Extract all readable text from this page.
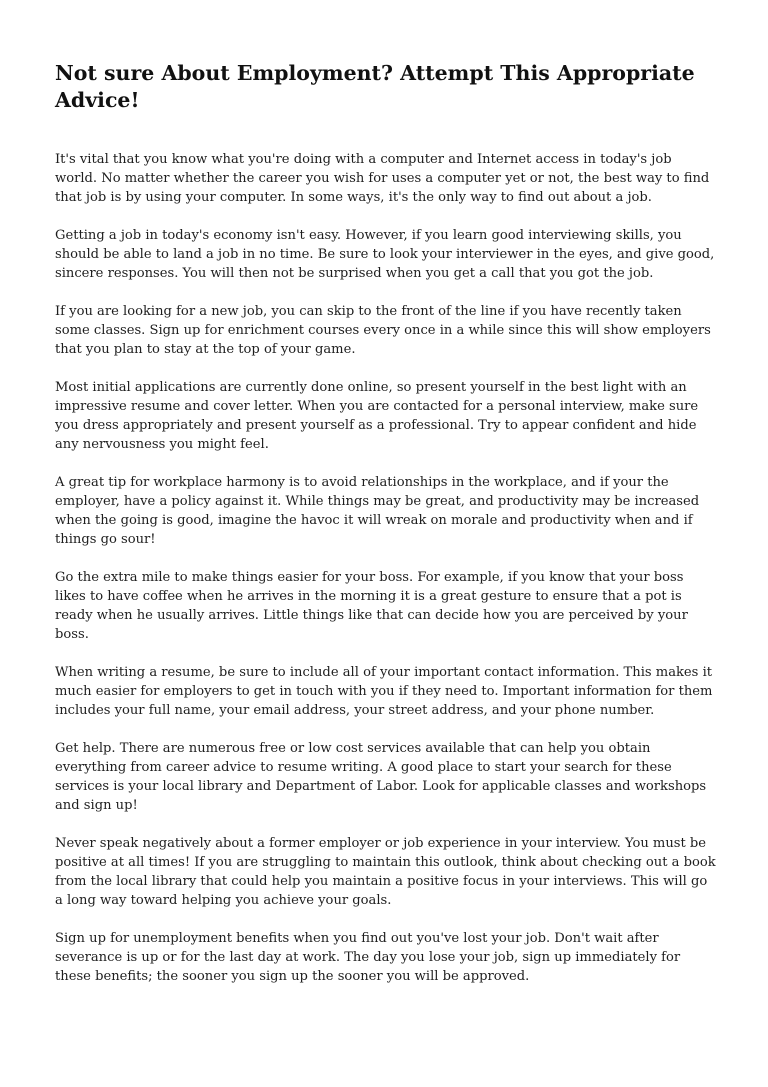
Not sure About Employment? Attempt This Appropriate Advice!

It's vital that you know what you're doing with a computer and Internet access in today's job world. No matter whether the career you wish for uses a computer yet or not, the best way to find that job is by using your computer. In some ways, it's the only way to find out about a job.

Getting a job in today's economy isn't easy. However, if you learn good interviewing skills, you should be able to land a job in no time. Be sure to look your interviewer in the eyes, and give good, sincere responses. You will then not be surprised when you get a call that you got the job.

If you are looking for a new job, you can skip to the front of the line if you have recently taken some classes. Sign up for enrichment courses every once in a while since this will show employers that you plan to stay at the top of your game.

Most initial applications are currently done online, so present yourself in the best light with an impressive resume and cover letter. When you are contacted for a personal interview, make sure you dress appropriately and present yourself as a professional. Try to appear confident and hide any nervousness you might feel.

A great tip for workplace harmony is to avoid relationships in the workplace, and if your the employer, have a policy against it. While things may be great, and productivity may be increased when the going is good, imagine the havoc it will wreak on morale and productivity when and if things go sour!

Go the extra mile to make things easier for your boss. For example, if you know that your boss likes to have coffee when he arrives in the morning it is a great gesture to ensure that a pot is ready when he usually arrives. Little things like that can decide how you are perceived by your boss.

When writing a resume, be sure to include all of your important contact information. This makes it much easier for employers to get in touch with you if they need to. Important information for them includes your full name, your email address, your street address, and your phone number.

Get help. There are numerous free or low cost services available that can help you obtain everything from career advice to resume writing. A good place to start your search for these services is your local library and Department of Labor. Look for applicable classes and workshops and sign up!

Never speak negatively about a former employer or job experience in your interview. You must be positive at all times! If you are struggling to maintain this outlook, think about checking out a book from the local library that could help you maintain a positive focus in your interviews. This will go a long way toward helping you achieve your goals.

Sign up for unemployment benefits when you find out you've lost your job. Don't wait after severance is up or for the last day at work. The day you lose your job, sign up immediately for these benefits; the sooner you sign up the sooner you will be approved.
